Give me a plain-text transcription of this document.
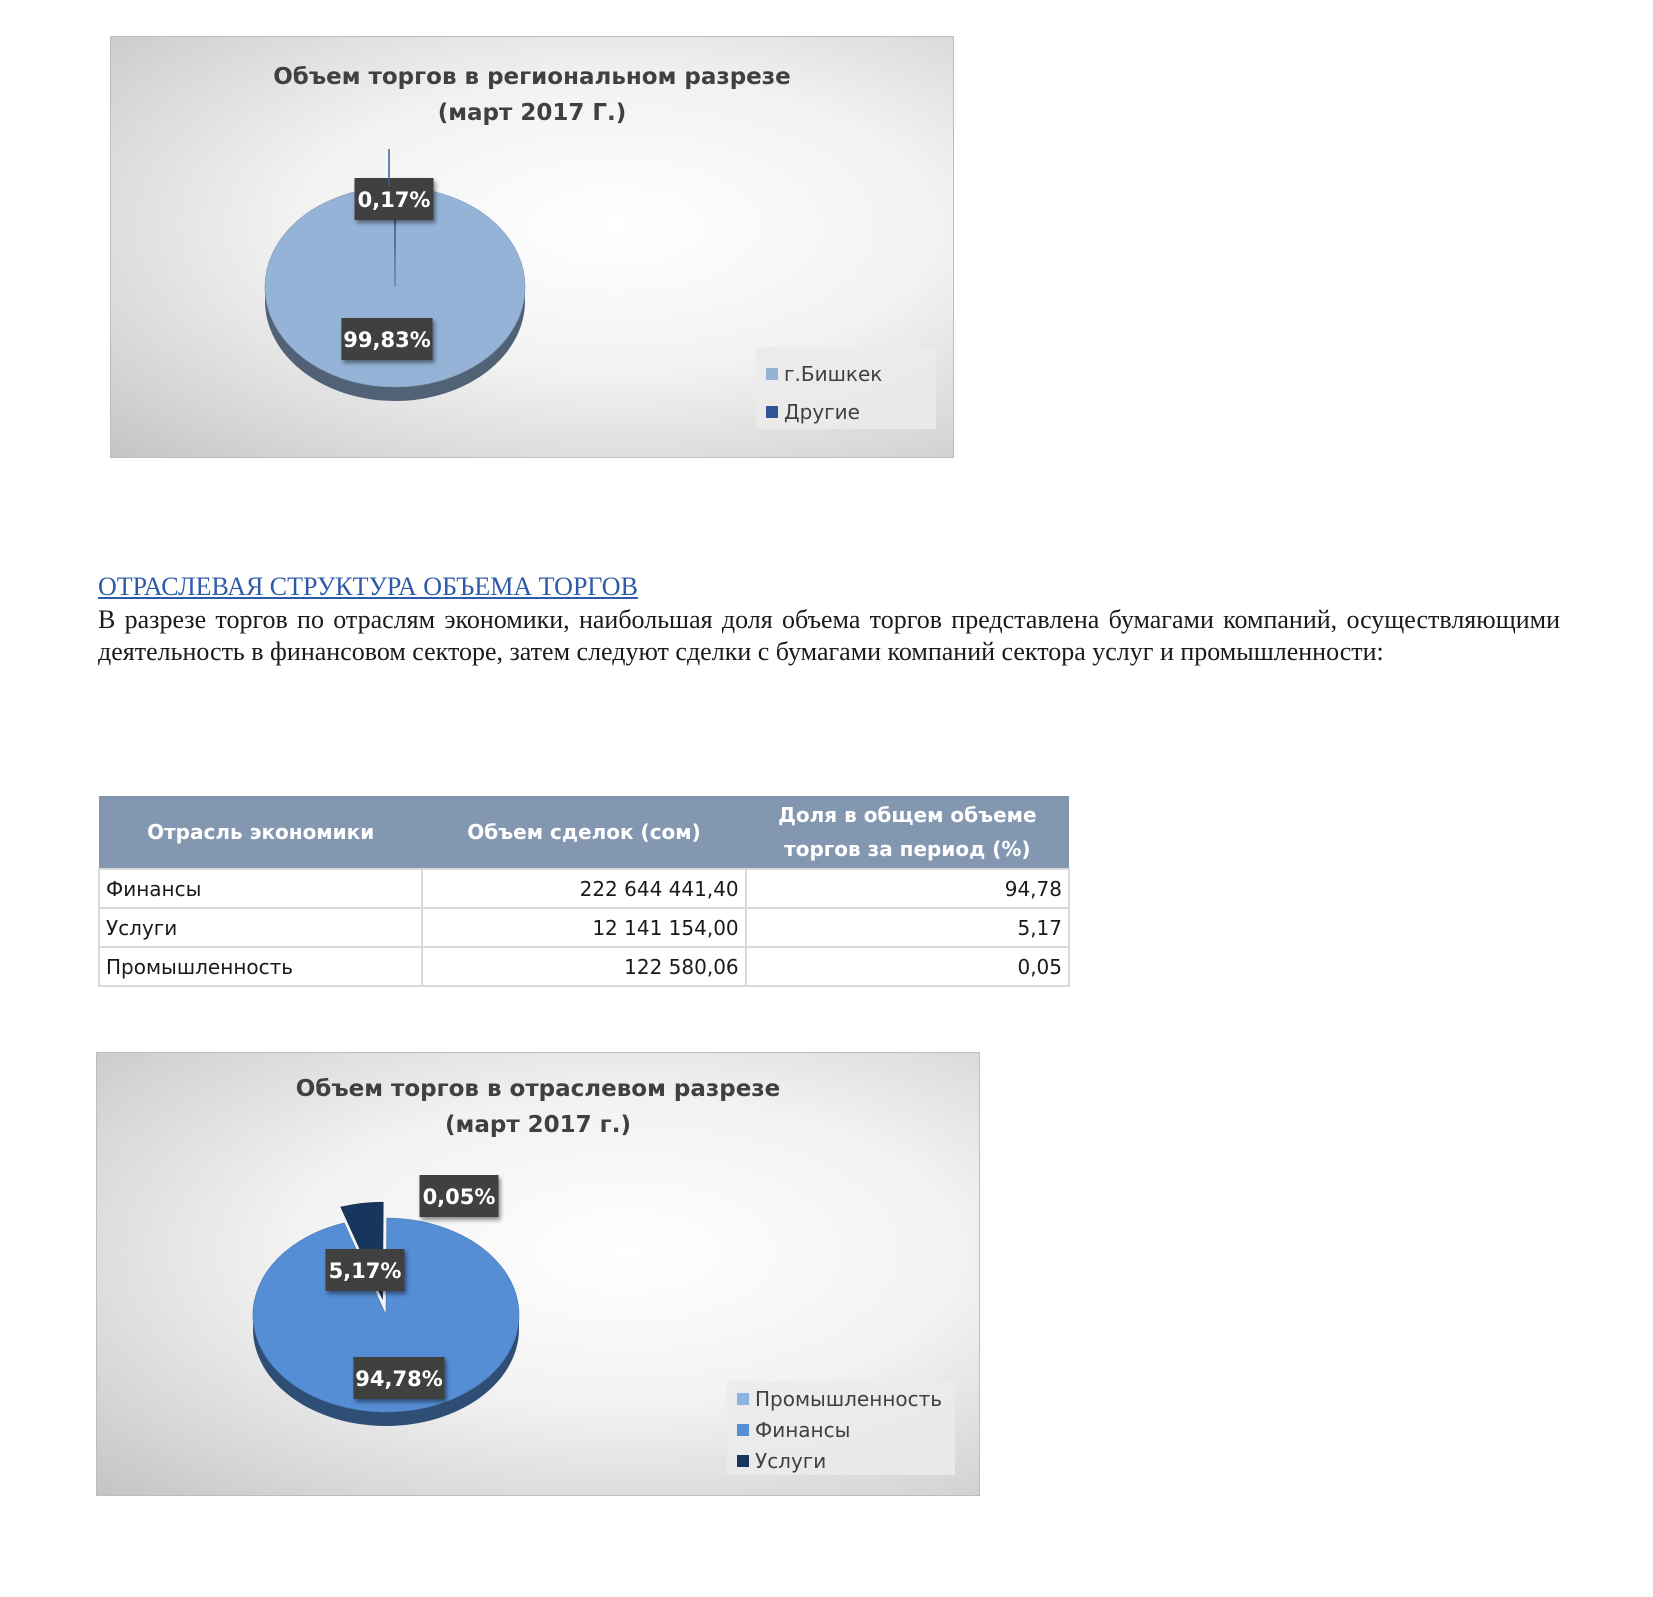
Объем торгов в региональном разрезе
(март 2017 Г.)
99,83%
0,17%
г.Бишкек
Другие
ОТРАСЛЕВАЯ СТРУКТУРА ОБЪЕМА ТОРГОВ

В разрезе торгов по отраслям экономики, наибольшая доля объема торгов представлена бумагами компаний, осуществляющими деятельность в финансовом секторе, затем следуют сделки с бумагами компаний сектора услуг и промышленности:

Отрасль экономики	Объем сделок (сом)	Доля в общем объеме торгов за период (%)
Финансы	222 644 441,40	94,78
Услуги	12 141 154,00	5,17
Промышленность	122 580,06	0,05
Объем торгов в отраслевом разрезе
(март 2017 г.)
0,05%
94,78%
5,17%
Промышленность
Финансы
Услуги
